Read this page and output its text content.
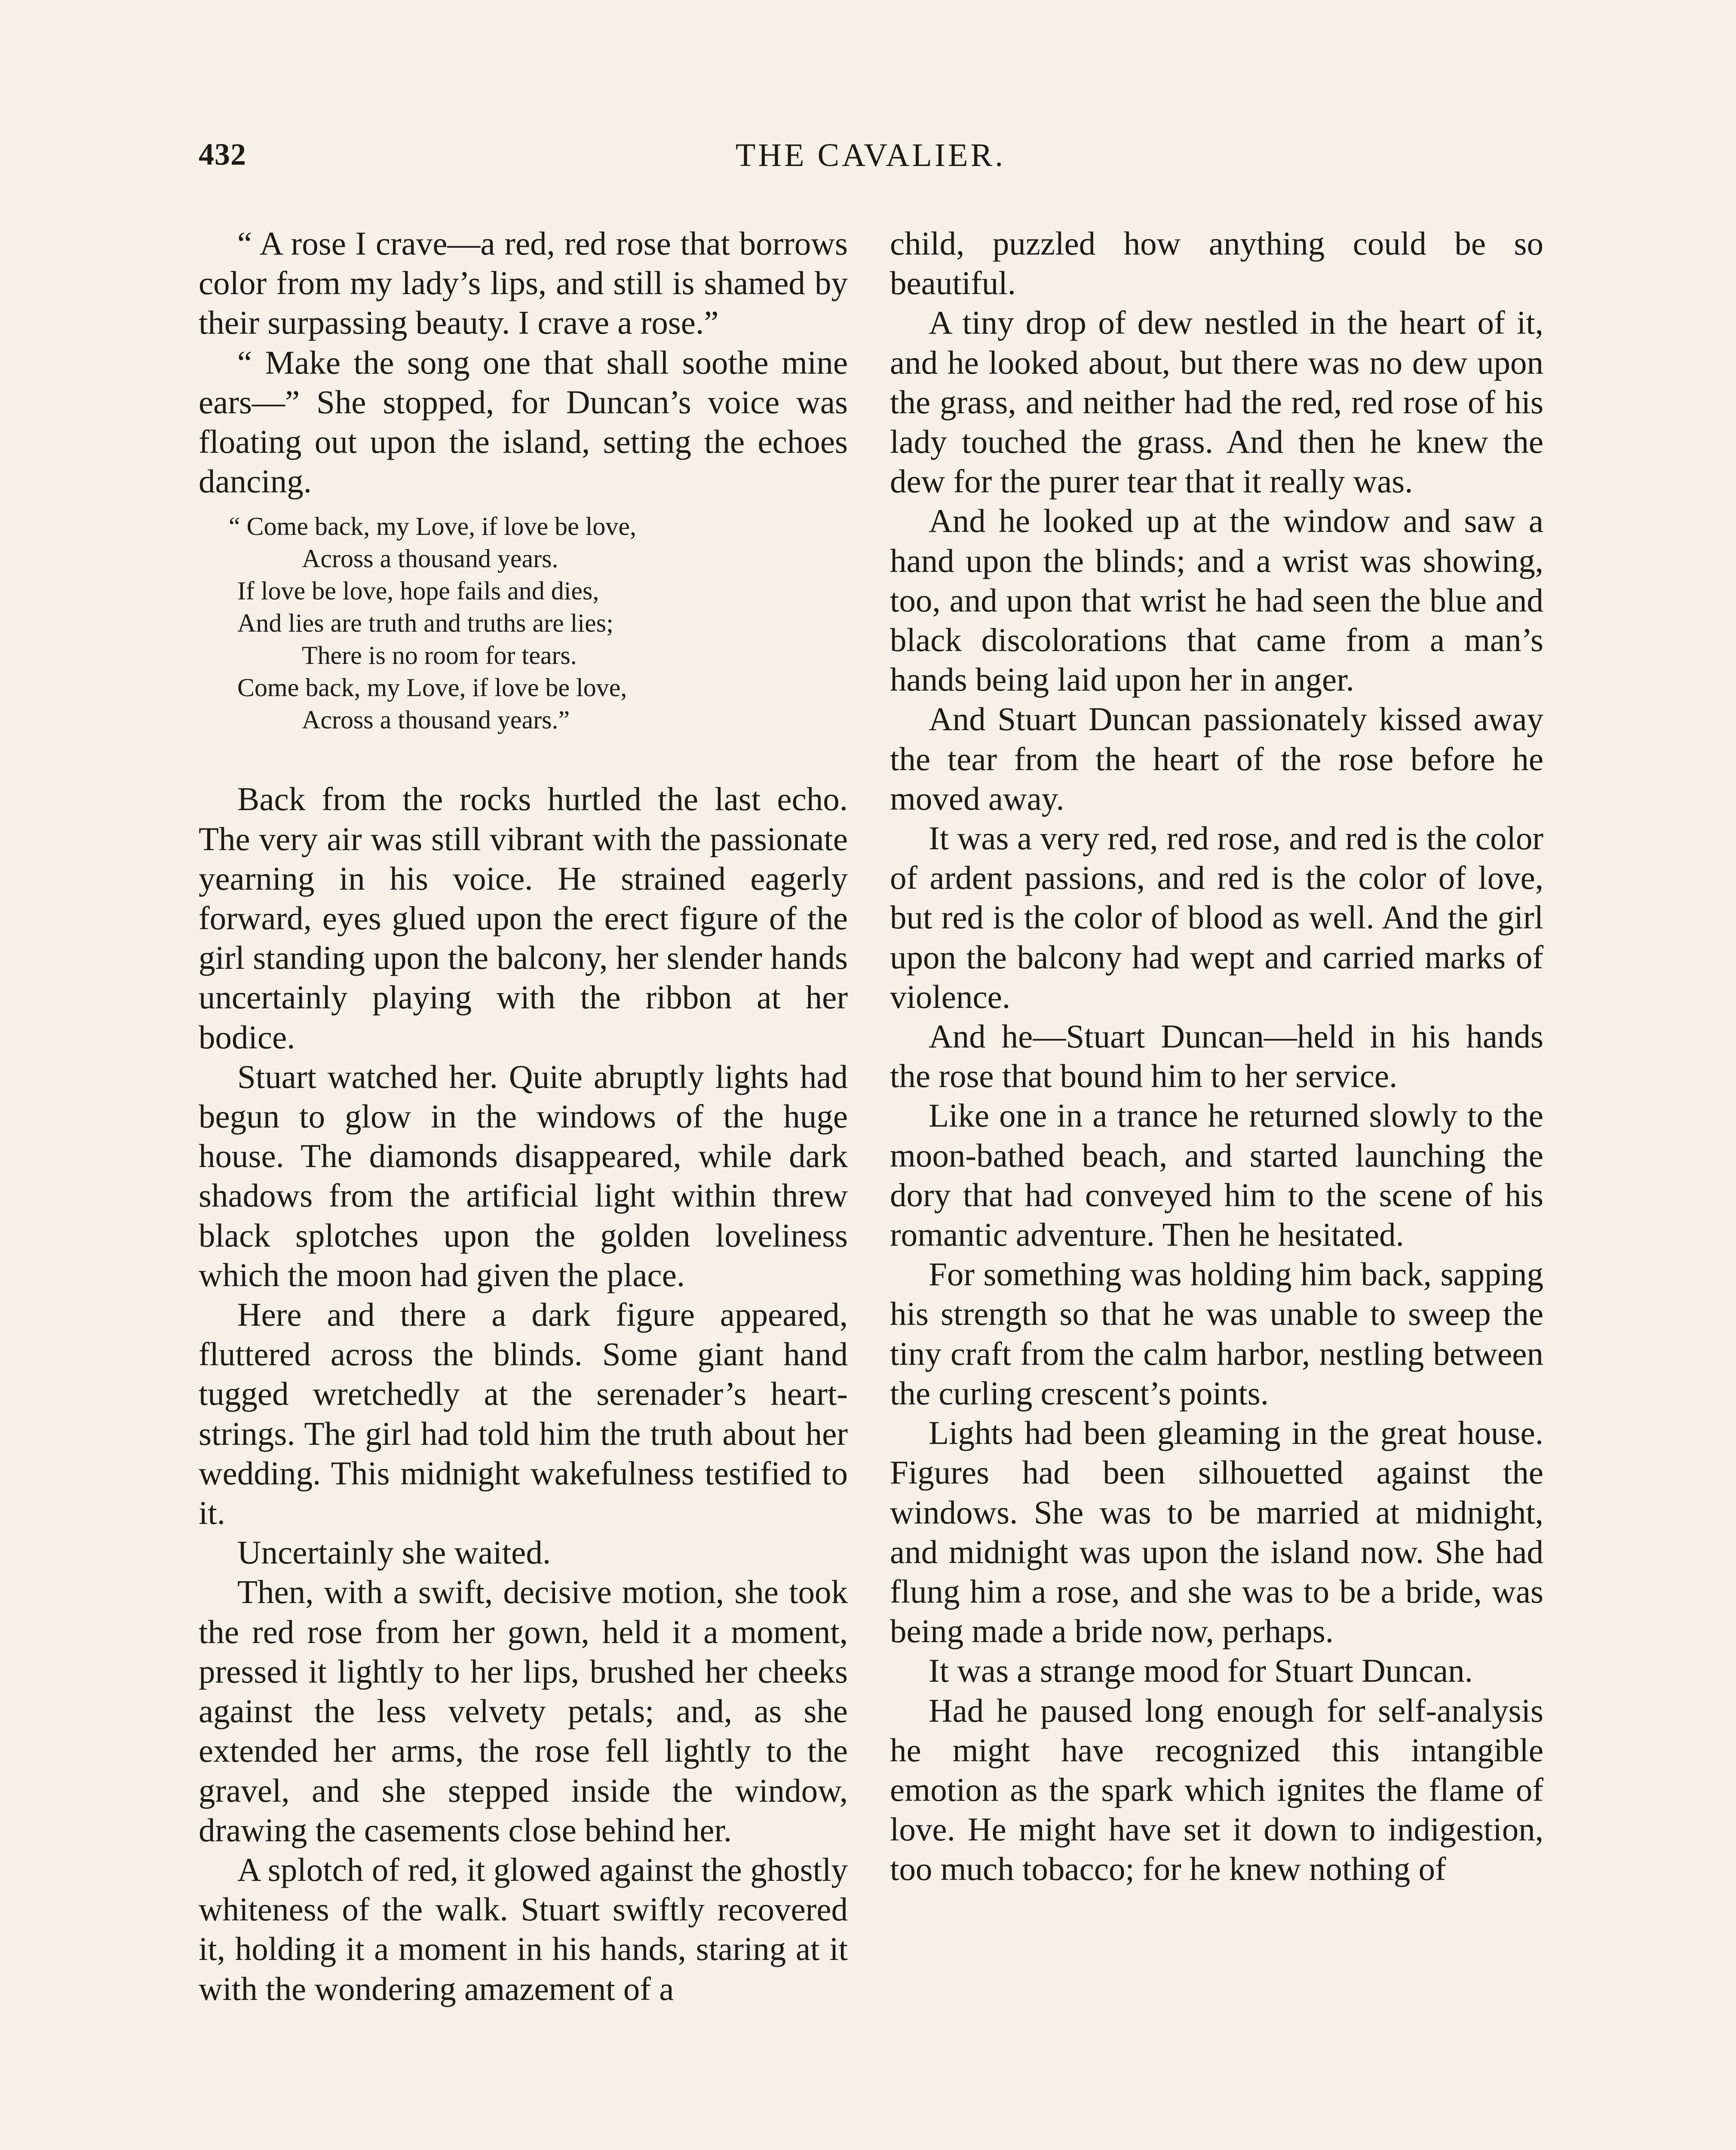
432	THE CAVALIER.

“ A rose I crave—a red, red rose that borrows color from my lady’s lips, and still is shamed by their surpassing beauty. I crave a rose.”

“ Make the song one that shall soothe mine ears—” She stopped, for Duncan’s voice was floating out upon the island, setting the echoes dancing.

“ Come back, my Love, if love be love,
Across a thousand years.
If love be love, hope fails and dies,
And lies are truth and truths are lies;
There is no room for tears.
Come back, my Love, if love be love,
Across a thousand years.”

Back from the rocks hurtled the last echo. The very air was still vibrant with the passionate yearning in his voice. He strained eagerly forward, eyes glued upon the erect figure of the girl standing upon the balcony, her slender hands uncertainly playing with the ribbon at her bodice.

Stuart watched her. Quite abruptly lights had begun to glow in the windows of the huge house. The diamonds disappeared, while dark shadows from the artificial light within threw black splotches upon the golden loveliness which the moon had given the place.

Here and there a dark figure appeared, fluttered across the blinds. Some giant hand tugged wretchedly at the serenader’s heart-strings. The girl had told him the truth about her wedding. This midnight wakefulness testified to it.

Uncertainly she waited.

Then, with a swift, decisive motion, she took the red rose from her gown, held it a moment, pressed it lightly to her lips, brushed her cheeks against the less velvety petals; and, as she extended her arms, the rose fell lightly to the gravel, and she stepped inside the window, drawing the casements close behind her.

A splotch of red, it glowed against the ghostly whiteness of the walk. Stuart swiftly recovered it, holding it a moment in his hands, staring at it with the wondering amazement of a

child, puzzled how anything could be so beautiful.

A tiny drop of dew nestled in the heart of it, and he looked about, but there was no dew upon the grass, and neither had the red, red rose of his lady touched the grass. And then he knew the dew for the purer tear that it really was.

And he looked up at the window and saw a hand upon the blinds; and a wrist was showing, too, and upon that wrist he had seen the blue and black discolorations that came from a man’s hands being laid upon her in anger.

And Stuart Duncan passionately kissed away the tear from the heart of the rose before he moved away.

It was a very red, red rose, and red is the color of ardent passions, and red is the color of love, but red is the color of blood as well. And the girl upon the balcony had wept and carried marks of violence.

And he—Stuart Duncan—held in his hands the rose that bound him to her service.

Like one in a trance he returned slowly to the moon-bathed beach, and started launching the dory that had conveyed him to the scene of his romantic adventure. Then he hesitated.

For something was holding him back, sapping his strength so that he was unable to sweep the tiny craft from the calm harbor, nestling between the curling crescent’s points.

Lights had been gleaming in the great house. Figures had been silhouetted against the windows. She was to be married at midnight, and midnight was upon the island now. She had flung him a rose, and she was to be a bride, was being made a bride now, perhaps.

It was a strange mood for Stuart Duncan.

Had he paused long enough for self-analysis he might have recognized this intangible emotion as the spark which ignites the flame of love. He might have set it down to indigestion, too much tobacco; for he knew nothing of
